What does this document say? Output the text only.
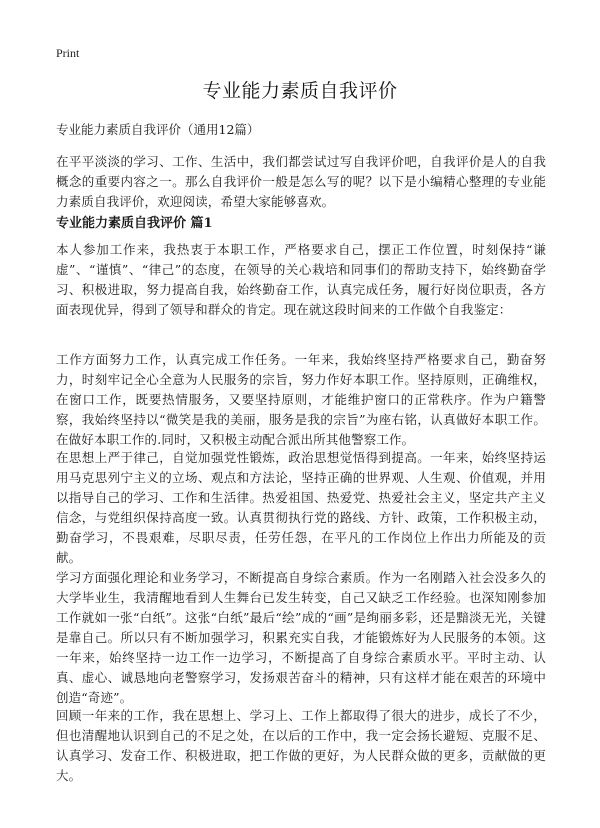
Print
专业能力素质自我评价

专业能力素质自我评价（通用12篇）

在平平淡淡的学习、工作、生活中，我们都尝试过写自我评价吧，自我评价是人的自我概念的重要内容之一。那么自我评价一般是怎么写的呢？以下是小编精心整理的专业能力素质自我评价，欢迎阅读，希望大家能够喜欢。

专业能力素质自我评价 篇1

本人参加工作来，我热衷于本职工作，严格要求自己，摆正工作位置，时刻保持“谦虚”、“谨慎”、“律己”的态度，在领导的关心栽培和同事们的帮助支持下，始终勤奋学习、积极进取，努力提高自我，始终勤奋工作，认真完成任务，履行好岗位职责，各方面表现优异，得到了领导和群众的肯定。现在就这段时间来的工作做个自我鉴定：

工作方面努力工作，认真完成工作任务。一年来，我始终坚持严格要求自己，勤奋努力，时刻牢记全心全意为人民服务的宗旨，努力作好本职工作。坚持原则，正确维权，在窗口工作，既要热情服务，又要坚持原则，才能维护窗口的正常秩序。作为户籍警察，我始终坚持以“微笑是我的美丽，服务是我的宗旨”为座右铭，认真做好本职工作。在做好本职工作的.同时，又积极主动配合派出所其他警察工作。

在思想上严于律己，自觉加强党性锻炼，政治思想觉悟得到提高。一年来，始终坚持运用马克思列宁主义的立场、观点和方法论，坚持正确的世界观、人生观、价值观，并用以指导自己的学习、工作和生活律。热爱祖国、热爱党、热爱社会主义，坚定共产主义信念，与党组织保持高度一致。认真贯彻执行党的路线、方针、政策，工作积极主动，勤奋学习，不畏艰难，尽职尽责，任劳任怨，在平凡的工作岗位上作出力所能及的贡献。

学习方面强化理论和业务学习，不断提高自身综合素质。作为一名刚踏入社会没多久的大学毕业生，我清醒地看到人生舞台已发生转变，自己又缺乏工作经验。也深知刚参加工作就如一张“白纸”。这张“白纸”最后“绘”成的“画”是绚丽多彩，还是黯淡无光，关键是靠自己。所以只有不断加强学习，积累充实自我，才能锻炼好为人民服务的本领。这一年来，始终坚持一边工作一边学习，不断提高了自身综合素质水平。平时主动、认真、虚心、诚恳地向老警察学习，发扬艰苦奋斗的精神，只有这样才能在艰苦的环境中创造“奇迹”。

回顾一年来的工作，我在思想上、学习上、工作上都取得了很大的进步，成长了不少，但也清醒地认识到自己的不足之处，在以后的工作中，我一定会扬长避短、克服不足、认真学习、发奋工作、积极进取，把工作做的更好，为人民群众做的更多，贡献做的更大。
